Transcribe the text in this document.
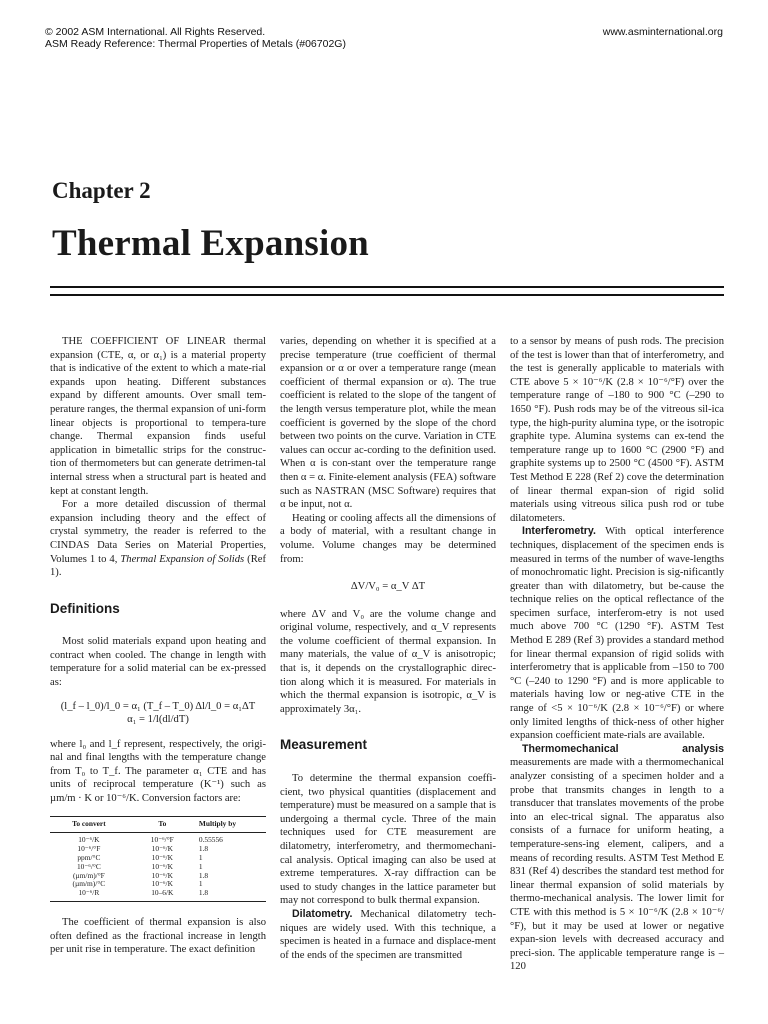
© 2002 ASM International. All Rights Reserved.
ASM Ready Reference: Thermal Properties of Metals (#06702G)
www.asminternational.org
Chapter 2
Thermal Expansion

THE COEFFICIENT OF LINEAR thermal expansion (CTE, α, or α₁) is a material property that is indicative of the extent to which a mate-rial expands upon heating. Different substances expand by different amounts. Over small tem-perature ranges, the thermal expansion of uni-form linear objects is proportional to tempera-ture change. Thermal expansion finds useful application in bimetallic strips for the construc-tion of thermometers but can generate detrimen-tal internal stress when a structural part is heated and kept at constant length.

For a more detailed discussion of thermal expansion including theory and the effect of crystal symmetry, the reader is referred to the CINDAS Data Series on Material Properties, Volumes 1 to 4, Thermal Expansion of Solids (Ref 1).

Definitions

Most solid materials expand upon heating and contract when cooled. The change in length with temperature for a solid material can be ex-pressed as:

(l_f – l_0)/l_0 = α₁ (T_f – T_0) Δl/l_0 = α₁ΔT
α₁ = 1/l(dl/dT)

where l₀ and l_f represent, respectively, the origi-nal and final lengths with the temperature change from T₀ to T_f. The parameter α₁ CTE and has units of reciprocal temperature (K⁻¹) such as µm/m · K or 10⁻⁶/K. Conversion factors are:

To convert	To	Multiply by
10⁻⁶/K	10⁻⁶/°F	0.55556
10⁻⁶/°F	10⁻⁶/K	1.8
ppm/°C	10⁻⁶/K	1
10⁻⁶/°C	10⁻⁶/K	1
(µm/m)/°F	10⁻⁶/K	1.8
(µm/m)/°C	10⁻⁶/K	1
10⁻⁶/R	10–6/K	1.8

The coefficient of thermal expansion is also often defined as the fractional increase in length per unit rise in temperature. The exact definition

varies, depending on whether it is specified at a precise temperature (true coefficient of thermal expansion or α or over a temperature range (mean coefficient of thermal expansion or α). The true coefficient is related to the slope of the tangent of the length versus temperature plot, while the mean coefficient is governed by the slope of the chord between two points on the curve. Variation in CTE values can occur ac-cording to the definition used. When α is con-stant over the temperature range then α = α. Finite-element analysis (FEA) software such as NASTRAN (MSC Software) requires that α be input, not α.

Heating or cooling affects all the dimensions of a body of material, with a resultant change in volume. Volume changes may be determined from:

ΔV/V₀ = α_V ΔT

where ΔV and V₀ are the volume change and original volume, respectively, and α_V represents the volume coefficient of thermal expansion. In many materials, the value of α_V is anisotropic; that is, it depends on the crystallographic direc-tion along which it is measured. For materials in which the thermal expansion is isotropic, α_V is approximately 3α₁.

Measurement

To determine the thermal expansion coeffi-cient, two physical quantities (displacement and temperature) must be measured on a sample that is undergoing a thermal cycle. Three of the main techniques used for CTE measurement are dilatometry, interferometry, and thermomechani-cal analysis. Optical imaging can also be used at extreme temperatures. X-ray diffraction can be used to study changes in the lattice parameter but may not correspond to bulk thermal expansion.

Dilatometry. Mechanical dilatometry tech-niques are widely used. With this technique, a specimen is heated in a furnace and displace-ment of the ends of the specimen are transmitted

to a sensor by means of push rods. The precision of the test is lower than that of interferometry, and the test is generally applicable to materials with CTE above 5 × 10⁻⁶/K (2.8 × 10⁻⁶/°F) over the temperature range of –180 to 900 °C (–290 to 1650 °F). Push rods may be of the vitreous sil-ica type, the high-purity alumina type, or the isotropic graphite type. Alumina systems can ex-tend the temperature range up to 1600 °C (2900 °F) and graphite systems up to 2500 °C (4500 °F). ASTM Test Method E 228 (Ref 2) cove the determination of linear thermal expan-sion of rigid solid materials using vitreous silica push rod or tube dilatometers.

Interferometry. With optical interference techniques, displacement of the specimen ends is measured in terms of the number of wave-lengths of monochromatic light. Precision is sig-nificantly greater than with dilatometry, but be-cause the technique relies on the optical reflectance of the specimen surface, interferom-etry is not used much above 700 °C (1290 °F). ASTM Test Method E 289 (Ref 3) provides a standard method for linear thermal expansion of rigid solids with interferometry that is applicable from –150 to 700 °C (–240 to 1290 °F) and is more applicable to materials having low or neg-ative CTE in the range of <5 × 10⁻⁶/K (2.8 × 10⁻⁶/°F) or where only limited lengths of thick-ness of other higher expansion coefficient mate-rials are available.

Thermomechanical analysis measurements are made with a thermomechanical analyzer consisting of a specimen holder and a probe that transmits changes in length to a transducer that translates movements of the probe into an elec-trical signal. The apparatus also consists of a furnace for uniform heating, a temperature-sens-ing element, calipers, and a means of recording results. ASTM Test Method E 831 (Ref 4) describes the standard test method for linear thermal expansion of solid materials by thermo-mechanical analysis. The lower limit for CTE with this method is 5 × 10⁻⁶/K (2.8 × 10⁻⁶/°F), but it may be used at lower or negative expan-sion levels with decreased accuracy and preci-sion. The applicable temperature range is –120
